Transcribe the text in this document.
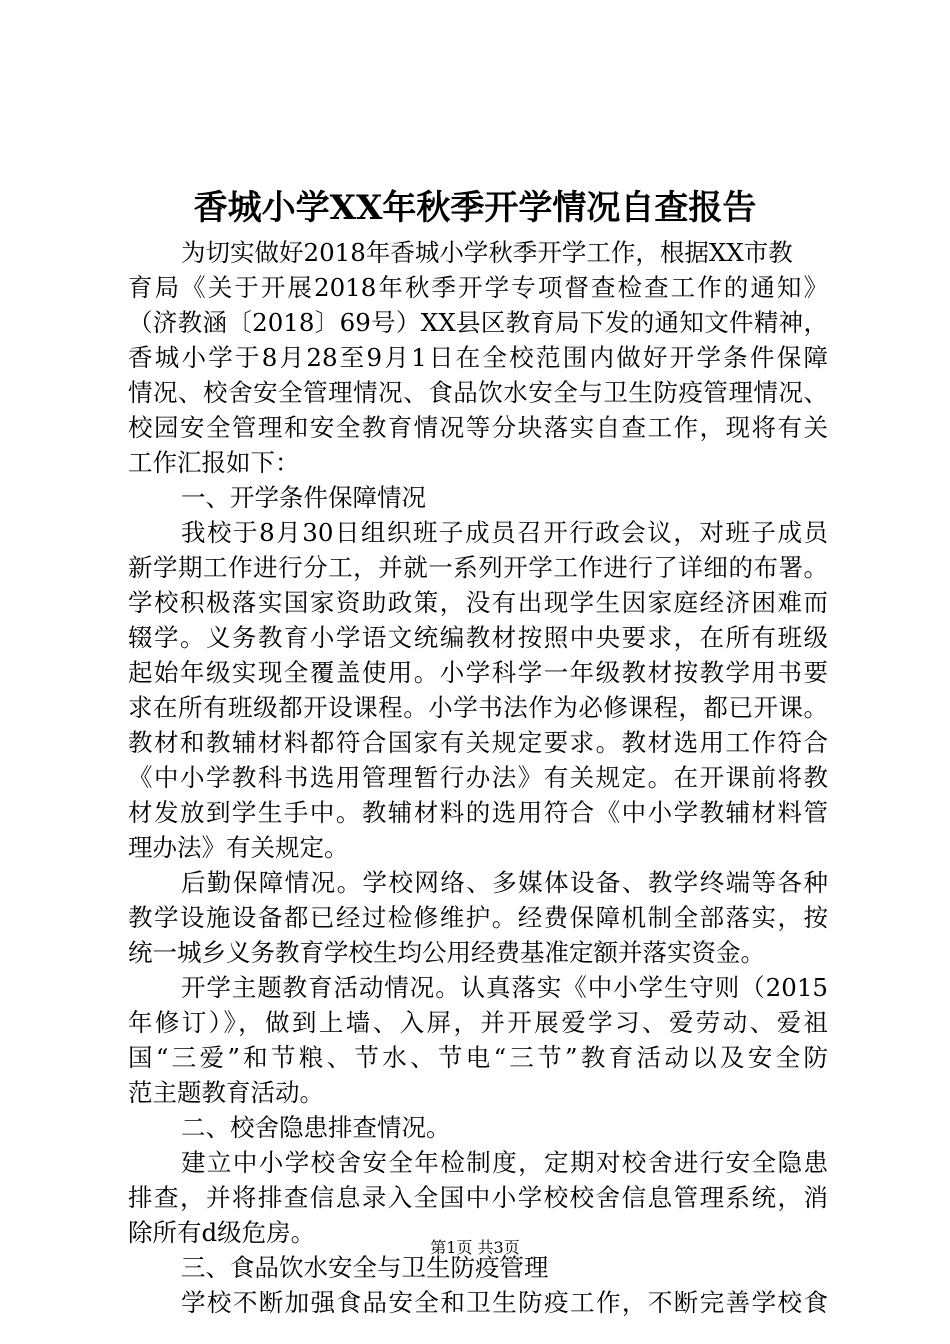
香城小学XX年秋季开学情况自查报告
为切实做好2018年香城小学秋季开学工作，根据XX市教
育局《关于开展2018年秋季开学专项督查检查工作的通知》
（济教涵〔2018〕69号）XX县区教育局下发的通知文件精神，
香城小学于8月28至9月1日在全校范围内做好开学条件保障
情况、校舍安全管理情况、食品饮水安全与卫生防疫管理情况、
校园安全管理和安全教育情况等分块落实自查工作，现将有关
工作汇报如下：
一、开学条件保障情况
我校于8月30日组织班子成员召开行政会议，对班子成员
新学期工作进行分工，并就一系列开学工作进行了详细的布署。
学校积极落实国家资助政策，没有出现学生因家庭经济困难而
辍学。义务教育小学语文统编教材按照中央要求，在所有班级
起始年级实现全覆盖使用。小学科学一年级教材按教学用书要
求在所有班级都开设课程。小学书法作为必修课程，都已开课。
教材和教辅材料都符合国家有关规定要求。教材选用工作符合
《中小学教科书选用管理暂行办法》有关规定。在开课前将教
材发放到学生手中。教辅材料的选用符合《中小学教辅材料管
理办法》有关规定。
后勤保障情况。学校网络、多媒体设备、教学终端等各种
教学设施设备都已经过检修维护。经费保障机制全部落实，按
统一城乡义务教育学校生均公用经费基准定额并落实资金。
开学主题教育活动情况。认真落实《中小学生守则（2015
年修订）》，做到上墙、入屏，并开展爱学习、爱劳动、爱祖
国“三爱”和节粮、节水、节电“三节”教育活动以及安全防
范主题教育活动。
二、校舍隐患排查情况。
建立中小学校舍安全年检制度，定期对校舍进行安全隐患
排查，并将排查信息录入全国中小学校校舍信息管理系统，消
除所有d级危房。
三、食品饮水安全与卫生防疫管理
学校不断加强食品安全和卫生防疫工作，不断完善学校食
第1页 共3页
